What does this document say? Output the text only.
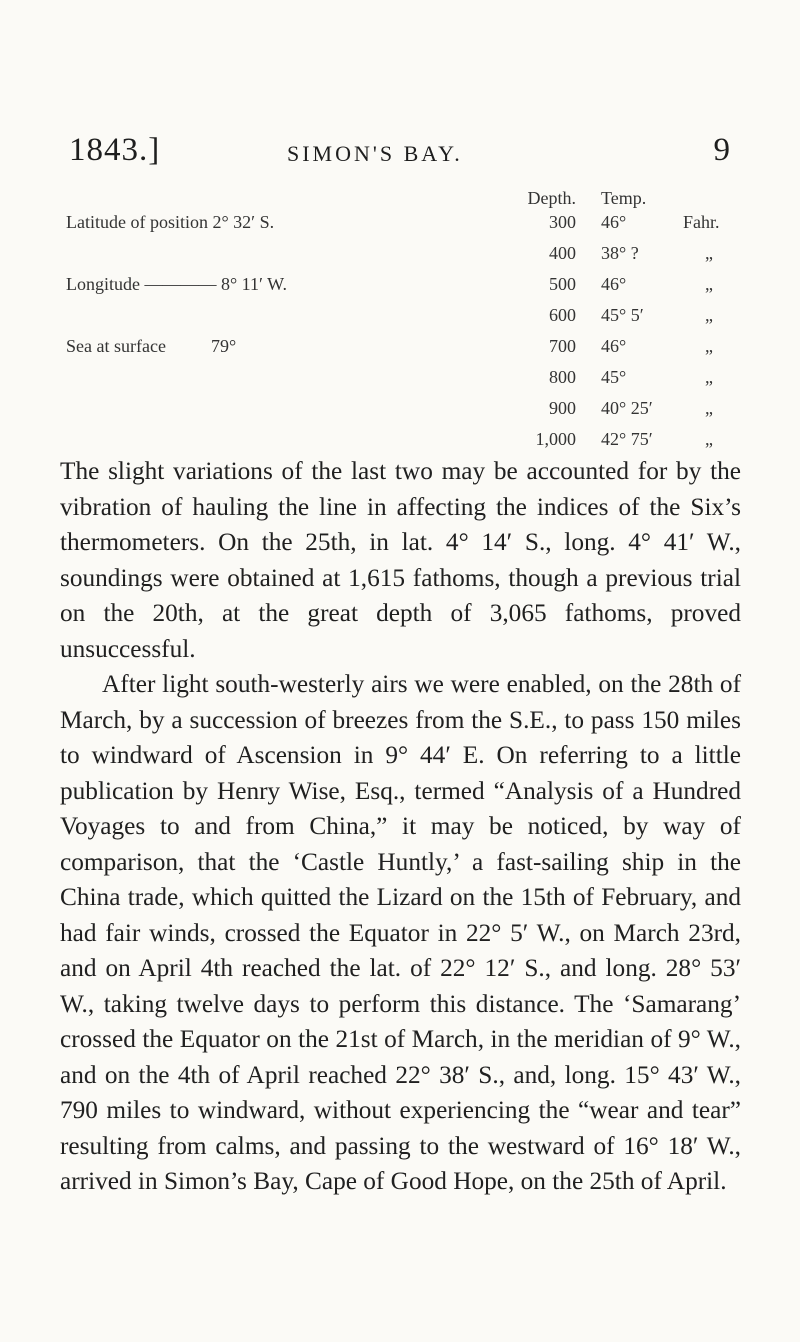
1843.]	SIMON'S BAY.	9
Latitude of position 2° 32′ S.
Longitude ———— 8° 11′ W.
Sea at surface          79°
Depth.
300
400
500
600
700
800
900
1,000
Temp.
46°
38° ?
46°
45° 5′
46°
45°
40° 25′
42° 75′
Fahr.
„
„
„
„
„
„
„

The slight variations of the last two may be accounted for by the vibration of hauling the line in affecting the indices of the Six’s thermometers. On the 25th, in lat. 4° 14′ S., long. 4° 41′ W., soundings were obtained at 1,615 fathoms, though a previous trial on the 20th, at the great depth of 3,065 fathoms, proved unsuccessful.

After light south-westerly airs we were enabled, on the 28th of March, by a succession of breezes from the S.E., to pass 150 miles to windward of Ascension in 9° 44′ E. On referring to a little publication by Henry Wise, Esq., termed “Analysis of a Hundred Voyages to and from China,” it may be noticed, by way of comparison, that the ‘Castle Huntly,’ a fast-sailing ship in the China trade, which quitted the Lizard on the 15th of February, and had fair winds, crossed the Equator in 22° 5′ W., on March 23rd, and on April 4th reached the lat. of 22° 12′ S., and long. 28° 53′ W., taking twelve days to perform this distance. The ‘Samarang’ crossed the Equator on the 21st of March, in the meridian of 9° W., and on the 4th of April reached 22° 38′ S., and, long. 15° 43′ W., 790 miles to windward, without experiencing the “wear and tear” resulting from calms, and passing to the westward of 16° 18′ W., arrived in Simon’s Bay, Cape of Good Hope, on the 25th of April.
